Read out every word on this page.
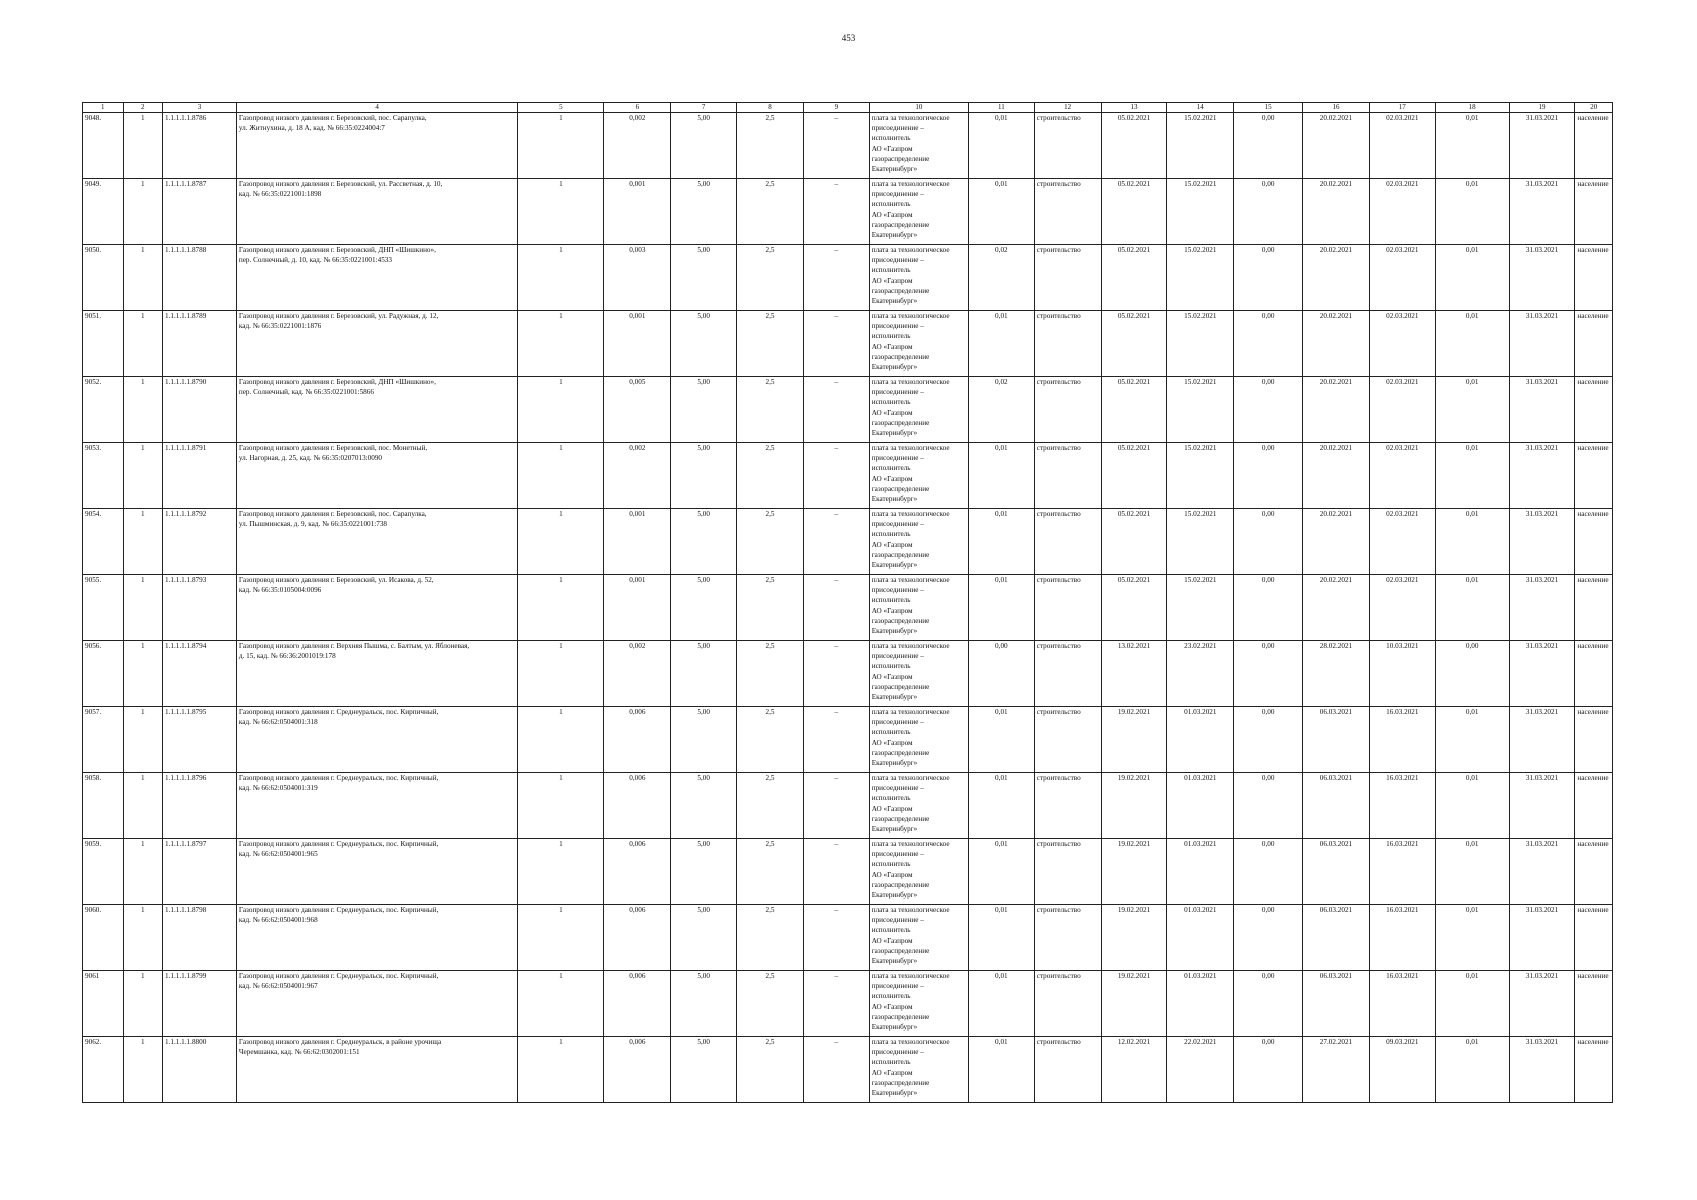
453
1	2	3	4	5	6	7	8	9	10	11	12	13	14	15	16	17	18	19	20
9048.	1	1.1.1.1.1.8786	Газопровод низкого давления г. Березовский, пос. Сарапулка,
ул. Житнухина, д. 18 А, кад. № 66:35:0224004:7	1	0,002	5,00	2,5	–	плата за технологическое присоединение –
исполнитель
АО «Газпром газораспределение
Екатеринбург»	0,01	строительство	05.02.2021	15.02.2021	0,00	20.02.2021	02.03.2021	0,01	31.03.2021	население
9049.	1	1.1.1.1.1.8787	Газопровод низкого давления г. Березовский, ул. Рассветная, д. 10,
кад. № 66:35:0221001:1898	1	0,001	5,00	2,5	–	плата за технологическое присоединение –
исполнитель
АО «Газпром газораспределение
Екатеринбург»	0,01	строительство	05.02.2021	15.02.2021	0,00	20.02.2021	02.03.2021	0,01	31.03.2021	население
9050.	1	1.1.1.1.1.8788	Газопровод низкого давления г. Березовский, ДНП «Шишкино»,
пер. Солнечный, д. 10, кад. № 66:35:0221001:4533	1	0,003	5,00	2,5	–	плата за технологическое присоединение –
исполнитель
АО «Газпром газораспределение
Екатеринбург»	0,02	строительство	05.02.2021	15.02.2021	0,00	20.02.2021	02.03.2021	0,01	31.03.2021	население
9051.	1	1.1.1.1.1.8789	Газопровод низкого давления г. Березовский, ул. Радужная, д. 12,
кад. № 66:35:0221001:1876	1	0,001	5,00	2,5	–	плата за технологическое присоединение –
исполнитель
АО «Газпром газораспределение
Екатеринбург»	0,01	строительство	05.02.2021	15.02.2021	0,00	20.02.2021	02.03.2021	0,01	31.03.2021	население
9052.	1	1.1.1.1.1.8790	Газопровод низкого давления г. Березовский, ДНП «Шишкино»,
пер. Солнечный, кад. № 66:35:0221001:5866	1	0,005	5,00	2,5	–	плата за технологическое присоединение –
исполнитель
АО «Газпром газораспределение
Екатеринбург»	0,02	строительство	05.02.2021	15.02.2021	0,00	20.02.2021	02.03.2021	0,01	31.03.2021	население
9053.	1	1.1.1.1.1.8791	Газопровод низкого давления г. Березовский, пос. Монетный,
ул. Нагорная, д. 25, кад. № 66:35:0207013:0090	1	0,002	5,00	2,5	–	плата за технологическое присоединение –
исполнитель
АО «Газпром газораспределение
Екатеринбург»	0,01	строительство	05.02.2021	15.02.2021	0,00	20.02.2021	02.03.2021	0,01	31.03.2021	население
9054.	1	1.1.1.1.1.8792	Газопровод низкого давления г. Березовский, пос. Сарапулка,
ул. Пышминская, д. 9, кад. № 66:35:0221001:738	1	0,001	5,00	2,5	–	плата за технологическое присоединение –
исполнитель
АО «Газпром газораспределение
Екатеринбург»	0,01	строительство	05.02.2021	15.02.2021	0,00	20.02.2021	02.03.2021	0,01	31.03.2021	население
9055.	1	1.1.1.1.1.8793	Газопровод низкого давления г. Березовский, ул. Исакова, д. 52,
кад. № 66:35:0105004:0096	1	0,001	5,00	2,5	–	плата за технологическое присоединение –
исполнитель
АО «Газпром газораспределение
Екатеринбург»	0,01	строительство	05.02.2021	15.02.2021	0,00	20.02.2021	02.03.2021	0,01	31.03.2021	население
9056.	1	1.1.1.1.1.8794	Газопровод низкого давления г. Верхняя Пышма, с. Балтым, ул. Яблоневая,
д. 15, кад. № 66:36:2001019:178	1	0,002	5,00	2,5	–	плата за технологическое присоединение –
исполнитель
АО «Газпром газораспределение
Екатеринбург»	0,00	строительство	13.02.2021	23.02.2021	0,00	28.02.2021	10.03.2021	0,00	31.03.2021	население
9057.	1	1.1.1.1.1.8795	Газопровод низкого давления г. Среднеуральск, пос. Кирпичный,
кад. № 66:62:0504001:318	1	0,006	5,00	2,5	–	плата за технологическое присоединение –
исполнитель
АО «Газпром газораспределение
Екатеринбург»	0,01	строительство	19.02.2021	01.03.2021	0,00	06.03.2021	16.03.2021	0,01	31.03.2021	население
9058.	1	1.1.1.1.1.8796	Газопровод низкого давления г. Среднеуральск, пос. Кирпичный,
кад. № 66:62:0504001:319	1	0,006	5,00	2,5	–	плата за технологическое присоединение –
исполнитель
АО «Газпром газораспределение
Екатеринбург»	0,01	строительство	19.02.2021	01.03.2021	0,00	06.03.2021	16.03.2021	0,01	31.03.2021	население
9059.	1	1.1.1.1.1.8797	Газопровод низкого давления г. Среднеуральск, пос. Кирпичный,
кад. № 66:62:0504001:965	1	0,006	5,00	2,5	–	плата за технологическое присоединение –
исполнитель
АО «Газпром газораспределение
Екатеринбург»	0,01	строительство	19.02.2021	01.03.2021	0,00	06.03.2021	16.03.2021	0,01	31.03.2021	население
9060.	1	1.1.1.1.1.8798	Газопровод низкого давления г. Среднеуральск, пос. Кирпичный,
кад. № 66:62:0504001:968	1	0,006	5,00	2,5	–	плата за технологическое присоединение –
исполнитель
АО «Газпром газораспределение
Екатеринбург»	0,01	строительство	19.02.2021	01.03.2021	0,00	06.03.2021	16.03.2021	0,01	31.03.2021	население
9061	1	1.1.1.1.1.8799	Газопровод низкого давления г. Среднеуральск, пос. Кирпичный,
кад. № 66:62:0504001:967	1	0,006	5,00	2,5	–	плата за технологическое присоединение –
исполнитель
АО «Газпром газораспределение
Екатеринбург»	0,01	строительство	19.02.2021	01.03.2021	0,00	06.03.2021	16.03.2021	0,01	31.03.2021	население
9062.	1	1.1.1.1.1.8800	Газопровод низкого давления г. Среднеуральск, в районе урочища
Черемшанка, кад. № 66:62:0302001:151	1	0,006	5,00	2,5	–	плата за технологическое присоединение –
исполнитель
АО «Газпром газораспределение
Екатеринбург»	0,01	строительство	12.02.2021	22.02.2021	0,00	27.02.2021	09.03.2021	0,01	31.03.2021	население
